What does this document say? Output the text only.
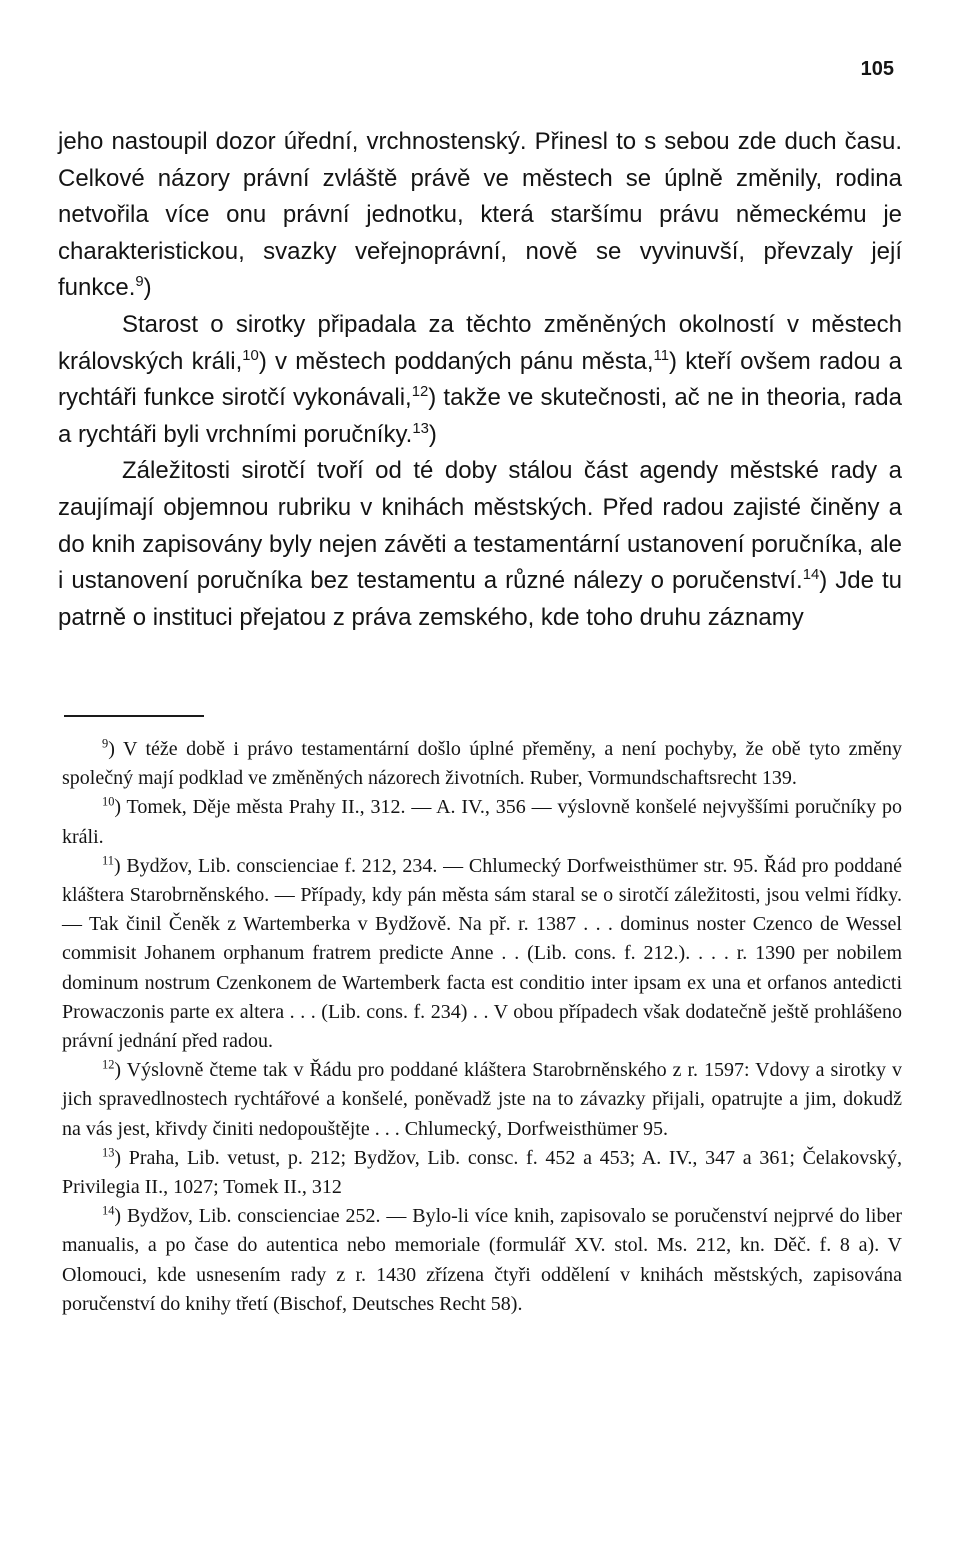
105

jeho nastoupil dozor úřední, vrchnostenský. Přinesl to s sebou zde duch času. Celkové názory právní zvláště právě ve městech se úplně změnily, rodina netvořila více onu právní jednotku, která staršímu právu německému je charakteristickou, svazky veřejnoprávní, nově se vyvinuvší, převzaly její funkce.$^9$)

Starost o sirotky připadala za těchto změněných okolností v městech královských králi,$^{10}$) v městech poddaných pánu města,$^{11}$) kteří ovšem radou a rychtáři funkce sirotčí vykonávali,$^{12}$) takže ve skutečnosti, ač ne in theoria, rada a rychtáři byli vrchními poručníky.$^{13}$)

Záležitosti sirotčí tvoří od té doby stálou část agendy městské rady a zaujímají objemnou rubriku v knihách městských. Před radou zajisté činěny a do knih zapisovány byly nejen závěti a testamentární ustanovení poručníka, ale i ustanovení poručníka bez testamentu a různé nálezy o poručenství.$^{14}$) Jde tu patrně o instituci přejatou z práva zemského, kde toho druhu záznamy

$^9$) V téže době i právo testamentární došlo úplné přeměny, a není pochyby, že obě tyto změny společný mají podklad ve změněných názorech životních. Ruber, Vormundschaftsrecht 139.

$^{10}$) Tomek, Děje města Prahy II., 312. — A. IV., 356 — výslovně konšelé nejvyššími poručníky po králi.

$^{11}$) Bydžov, Lib. conscienciae f. 212, 234. — Chlumecký Dorfweisthümer str. 95. Řád pro poddané kláštera Starobrněnského. — Případy, kdy pán města sám staral se o sirotčí záležitosti, jsou velmi řídky. — Tak činil Čeněk z Wartemberka v Bydžově. Na př. r. 1387 . . . dominus noster Czenco de Wessel commisit Johanem orphanum fratrem predicte Anne . . (Lib. cons. f. 212.). . . . r. 1390 per nobilem dominum nostrum Czenkonem de Wartemberk facta est conditio inter ipsam ex una et orfanos antedicti Prowaczonis parte ex altera . . . (Lib. cons. f. 234) . . V obou případech však dodatečně ještě prohlášeno právní jednání před radou.

$^{12}$) Výslovně čteme tak v Řádu pro poddané kláštera Starobrněnského z r. 1597: Vdovy a sirotky v jich spravedlnostech rychtářové a konšelé, poněvadž jste na to závazky přijali, opatrujte a jim, dokudž na vás jest, křivdy činiti nedopouštějte . . . Chlumecký, Dorfweisthümer 95.

$^{13}$) Praha, Lib. vetust, p. 212; Bydžov, Lib. consc. f. 452 a 453; A. IV., 347 a 361; Čelakovský, Privilegia II., 1027; Tomek II., 312

$^{14}$) Bydžov, Lib. conscienciae 252. — Bylo-li více knih, zapisovalo se poručenství nejprvé do liber manualis, a po čase do autentica nebo memoriale (formulář XV. stol. Ms. 212, kn. Děč. f. 8 a). V Olomouci, kde usnesením rady z r. 1430 zřízena čtyři oddělení v knihách městských, zapisována poručenství do knihy třetí (Bischof, Deutsches Recht 58).
